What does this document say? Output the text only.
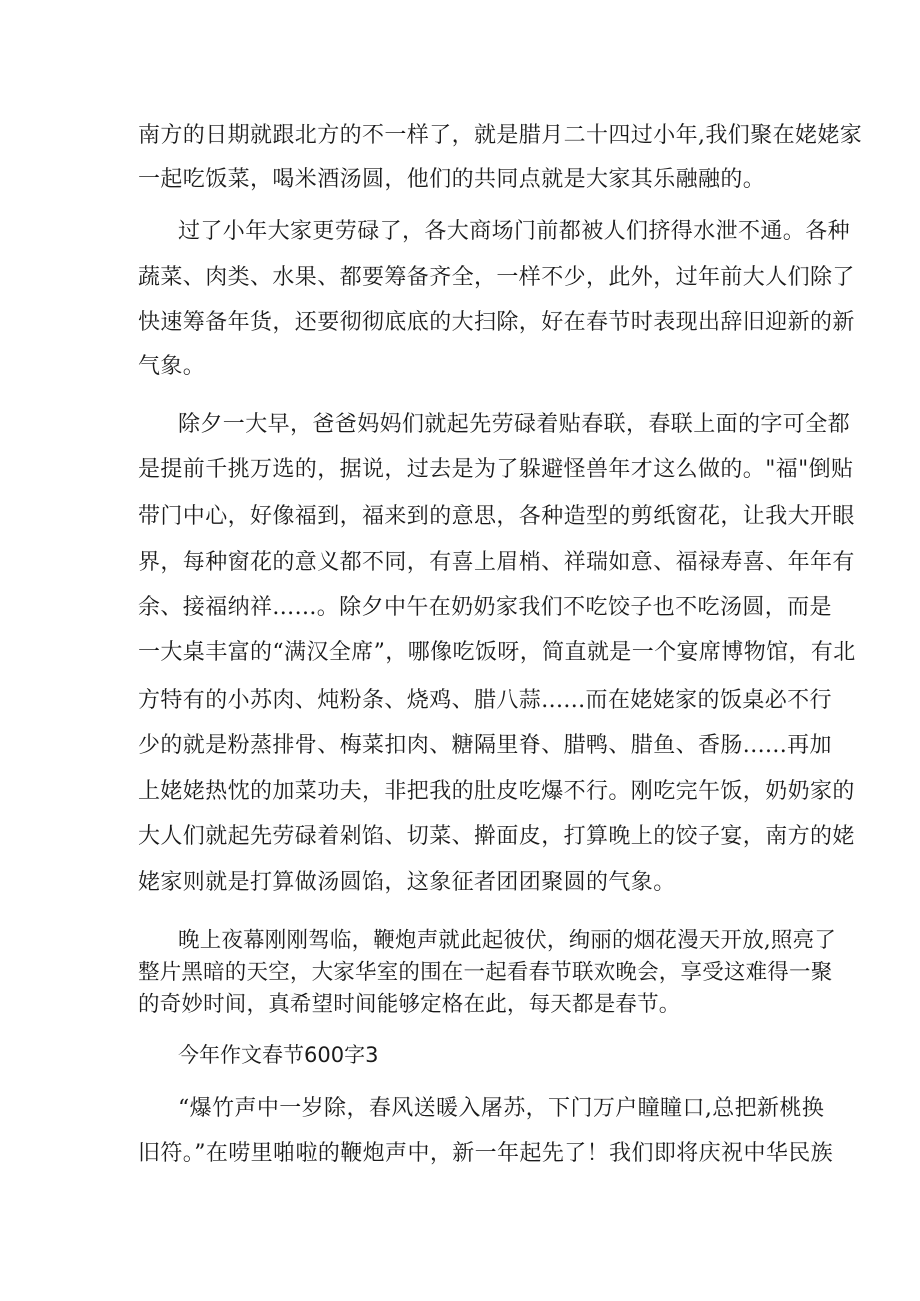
南方的日期就跟北方的不一样了，就是腊月二十四过小年,我们聚在姥姥家
一起吃饭菜，喝米酒汤圆，他们的共同点就是大家其乐融融的。
过了小年大家更劳碌了，各大商场门前都被人们挤得水泄不通。各种
蔬菜、肉类、水果、都要筹备齐全，一样不少，此外，过年前大人们除了
快速筹备年货，还要彻彻底底的大扫除，好在春节时表现出辞旧迎新的新
气象。
除夕一大早，爸爸妈妈们就起先劳碌着贴春联，春联上面的字可全都
是提前千挑万选的，据说，过去是为了躲避怪兽年才这么做的。"福"倒贴
带门中心，好像福到，福来到的意思，各种造型的剪纸窗花，让我大开眼
界，每种窗花的意义都不同，有喜上眉梢、祥瑞如意、福禄寿喜、年年有
余、接福纳祥......。除夕中午在奶奶家我们不吃饺子也不吃汤圆，而是
一大桌丰富的“满汉全席”，哪像吃饭呀，简直就是一个宴席博物馆，有北
方特有的小苏肉、炖粉条、烧鸡、腊八蒜......而在姥姥家的饭桌必不行
少的就是粉蒸排骨、梅菜扣肉、糖隔里脊、腊鸭、腊鱼、香肠......再加
上姥姥热忱的加菜功夫，非把我的肚皮吃爆不行。刚吃完午饭，奶奶家的
大人们就起先劳碌着剁馅、切菜、擀面皮，打算晚上的饺子宴，南方的姥
姥家则就是打算做汤圆馅，这象征者团团聚圆的气象。
晚上夜幕刚刚驾临，鞭炮声就此起彼伏，绚丽的烟花漫天开放,照亮了
整片黑暗的天空，大家华室的围在一起看春节联欢晚会，享受这难得一聚
的奇妙时间，真希望时间能够定格在此，每天都是春节。
今年作文春节600字3
“爆竹声中一岁除，春风送暖入屠苏，下门万户瞳瞳口,总把新桃换
旧符。”在唠里啪啦的鞭炮声中，新一年起先了！我们即将庆祝中华民族
